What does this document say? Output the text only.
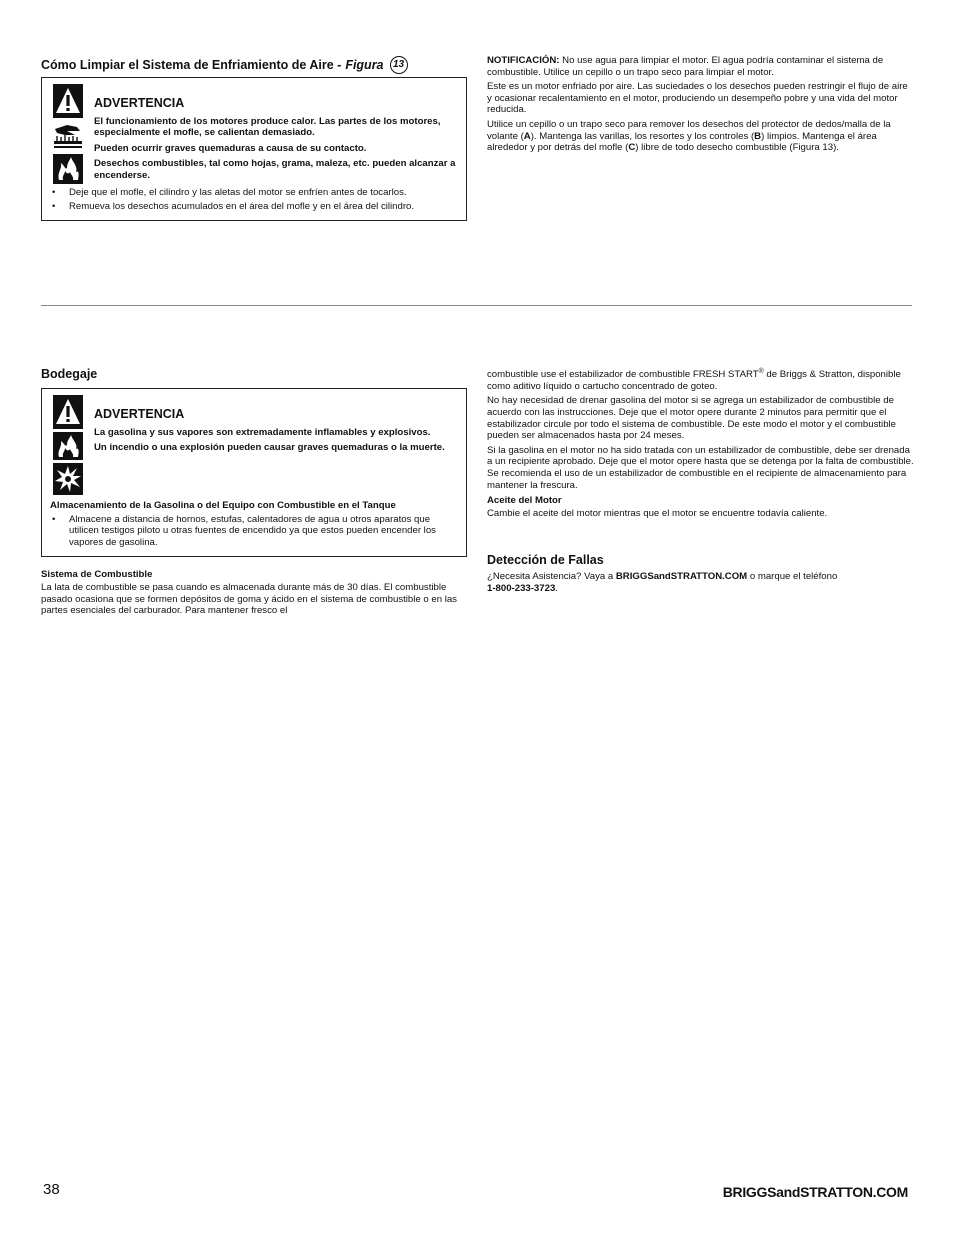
Cómo Limpiar el Sistema de Enfriamiento de Aire - Figura 13
ADVERTENCIA

El funcionamiento de los motores produce calor. Las partes de los motores, especialmente el mofle, se calientan demasiado.

Pueden ocurrir graves quemaduras a causa de su contacto.

Desechos combustibles, tal como hojas, grama, maleza, etc. pueden alcanzar a encenderse.

• Deje que el mofle, el cilindro y las aletas del motor se enfríen antes de tocarlos.
• Remueva los desechos acumulados en el área del mofle y en el área del cilindro.

NOTIFICACIÓN: No use agua para limpiar el motor. El agua podría contaminar el sistema de combustible. Utilice un cepillo o un trapo seco para limpiar el motor.

Este es un motor enfriado por aire. Las suciedades o los desechos pueden restringir el flujo de aire y ocasionar recalentamiento en el motor, produciendo un desempeño pobre y una vida del motor reducida.

Utilice un cepillo o un trapo seco para remover los desechos del protector de dedos/malla de la volante (A). Mantenga las varillas, los resortes y los controles (B) limpios. Mantenga el área alrededor y por detrás del mofle (C) libre de todo desecho combustible (Figura 13).

Bodegaje
ADVERTENCIA

La gasolina y sus vapores son extremadamente inflamables y explosivos.

Un incendio o una explosión pueden causar graves quemaduras o la muerte.

Almacenamiento de la Gasolina o del Equipo con Combustible en el Tanque

• Almacene a distancia de hornos, estufas, calentadores de agua u otros aparatos que utilicen testigos piloto u otras fuentes de encendido ya que estos pueden encender los vapores de gasolina.

Sistema de Combustible

La lata de combustible se pasa cuando es almacenada durante más de 30 días. El combustible pasado ocasiona que se formen depósitos de goma y ácido en el sistema de combustible o en las partes esenciales del carburador. Para mantener fresco el

combustible use el estabilizador de combustible FRESH START® de Briggs & Stratton, disponible como aditivo líquido o cartucho concentrado de goteo.

No hay necesidad de drenar gasolina del motor si se agrega un estabilizador de combustible de acuerdo con las instrucciones. Deje que el motor opere durante 2 minutos para permitir que el estabilizador circule por todo el sistema de combustible. De este modo el motor y el combustible pueden ser almacenados hasta por 24 meses.

Si la gasolina en el motor no ha sido tratada con un estabilizador de combustible, debe ser drenada a un recipiente aprobado. Deje que el motor opere hasta que se detenga por la falta de combustible. Se recomienda el uso de un estabilizador de combustible en el recipiente de almacenamiento para mantener la frescura.

Aceite del Motor

Cambie el aceite del motor mientras que el motor se encuentre todavía caliente.

Detección de Fallas

¿Necesita Asistencia? Vaya a BRIGGSandSTRATTON.COM o marque el teléfono
1-800-233-3723.

38	BRIGGSandSTRATTON.COM
